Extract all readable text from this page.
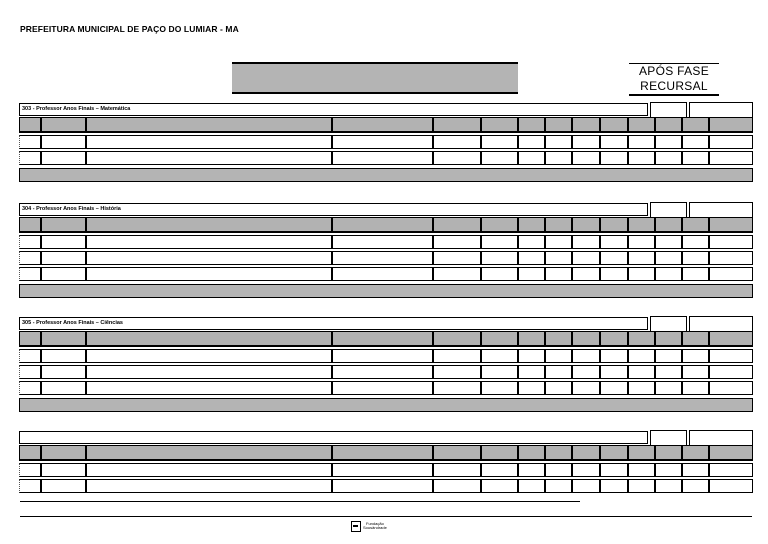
PREFEITURA MUNICIPAL DE PAÇO DO LUMIAR - MA
APÓS FASE
RECURSAL
303 - Professor Anos Finais – Matemática
304 - Professor Anos Finais – História
305 - Professor Anos Finais – Ciências
Fundação
Sousândrade
